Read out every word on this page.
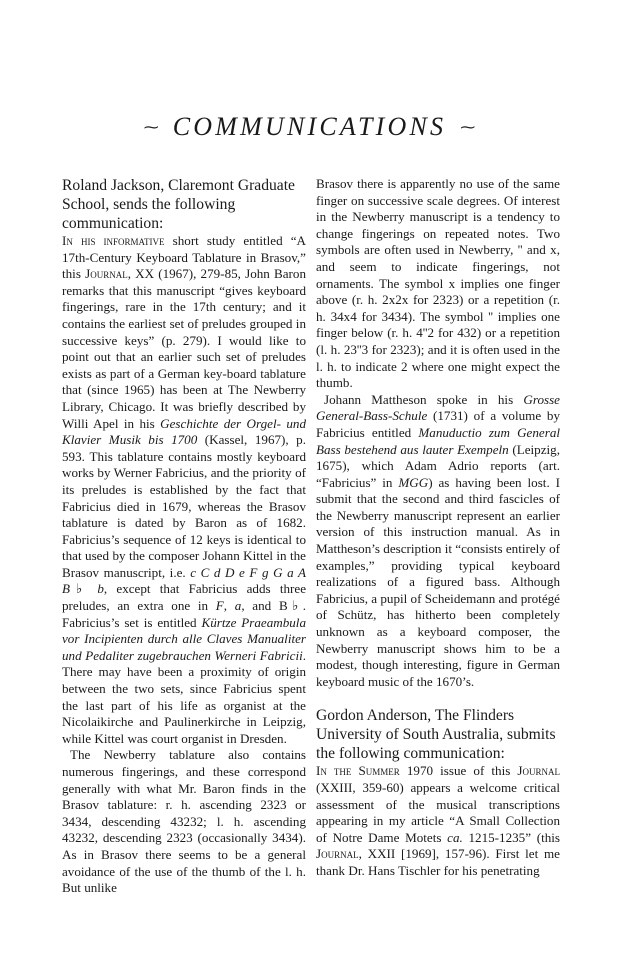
⁓ COMMUNICATIONS ⁓

Roland Jackson, Claremont Graduate School, sends the following communication:

In his informative short study entitled “A 17th-Century Keyboard Tablature in Brasov,” this Journal, XX (1967), 279-85, John Baron remarks that this manuscript “gives keyboard fingerings, rare in the 17th century; and it contains the earliest set of preludes grouped in successive keys” (p. 279). I would like to point out that an earlier such set of preludes exists as part of a German key-board tablature that (since 1965) has been at The Newberry Library, Chicago. It was briefly described by Willi Apel in his Geschichte der Orgel- und Klavier Musik bis 1700 (Kassel, 1967), p. 593. This tablature contains mostly keyboard works by Werner Fabricius, and the priority of its preludes is established by the fact that Fabricius died in 1679, whereas the Brasov tablature is dated by Baron as of 1682. Fabricius’s sequence of 12 keys is identical to that used by the composer Johann Kittel in the Brasov manuscript, i.e. c C d D e F g G a A B♭ b, except that Fabricius adds three preludes, an extra one in F, a, and B♭. Fabricius’s set is entitled Kürtze Praeambula vor Incipienten durch alle Claves Manualiter und Pedaliter zugebrauchen Werneri Fabricii. There may have been a proximity of origin between the two sets, since Fabricius spent the last part of his life as organist at the Nicolaikirche and Paulinerkirche in Leipzig, while Kittel was court organist in Dresden.

The Newberry tablature also contains numerous fingerings, and these correspond generally with what Mr. Baron finds in the Brasov tablature: r. h. ascending 2323 or 3434, descending 43232; l. h. ascending 43232, descending 2323 (occasionally 3434). As in Brasov there seems to be a general avoidance of the use of the thumb of the l. h. But unlike

Brasov there is apparently no use of the same finger on successive scale degrees. Of interest in the Newberry manuscript is a tendency to change fingerings on repeated notes. Two symbols are often used in Newberry, '' and x, and seem to indicate fingerings, not ornaments. The symbol x implies one finger above (r. h. 2x2x for 2323) or a repetition (r. h. 34x4 for 3434). The symbol '' implies one finger below (r. h. 4''2 for 432) or a repetition (l. h. 23''3 for 2323); and it is often used in the l. h. to indicate 2 where one might expect the thumb.

Johann Mattheson spoke in his Grosse General-Bass-Schule (1731) of a volume by Fabricius entitled Manuductio zum General Bass bestehend aus lauter Exempeln (Leipzig, 1675), which Adam Adrio reports (art. “Fabricius” in MGG) as having been lost. I submit that the second and third fascicles of the Newberry manuscript represent an earlier version of this instruction manual. As in Mattheson’s description it “consists entirely of examples,” providing typical keyboard realizations of a figured bass. Although Fabricius, a pupil of Scheidemann and protégé of Schütz, has hitherto been completely unknown as a keyboard composer, the Newberry manuscript shows him to be a modest, though interesting, figure in German keyboard music of the 1670’s.

Gordon Anderson, The Flinders University of South Australia, submits the following communication:

In the Summer 1970 issue of this Journal (XXIII, 359-60) appears a welcome critical assessment of the musical transcriptions appearing in my article “A Small Collection of Notre Dame Motets ca. 1215-1235” (this Journal, XXII [1969], 157-96). First let me thank Dr. Hans Tischler for his penetrating
